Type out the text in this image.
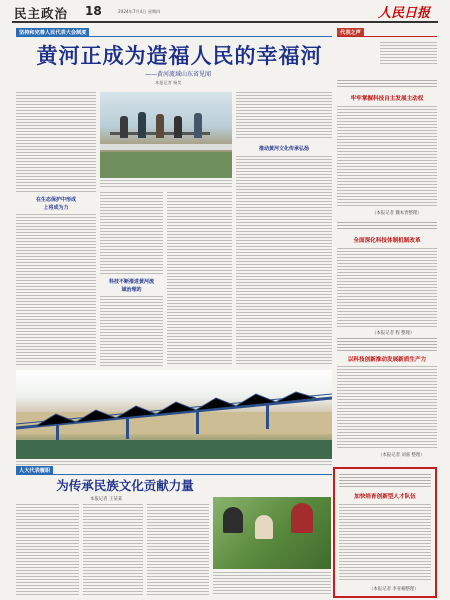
民主政治 18	2024年7月4日 星期四	人民日报
坚持和完善人民代表大会制度
黄河正成为造福人民的幸福河
——黄河流域山东省见闻
本报记者 杨昊
在生态保护中形成
上将成为力
科技不断推进黄河流
域治理的
推动黄河文化传承弘扬
代表之声
牢牢掌握科技自主发展主动权
（本报记者 魏本贵整理）
全面深化科技体制机制改革
（本报记者 程 整理）
以科技创新推动发展新质生产力
（本报记者 刘嘉 整理）
加快培育创新型人才队伍
（本报记者 李亚楠整理）
人大代表履职
为传承民族文化贡献力量
本报记者 王某某
